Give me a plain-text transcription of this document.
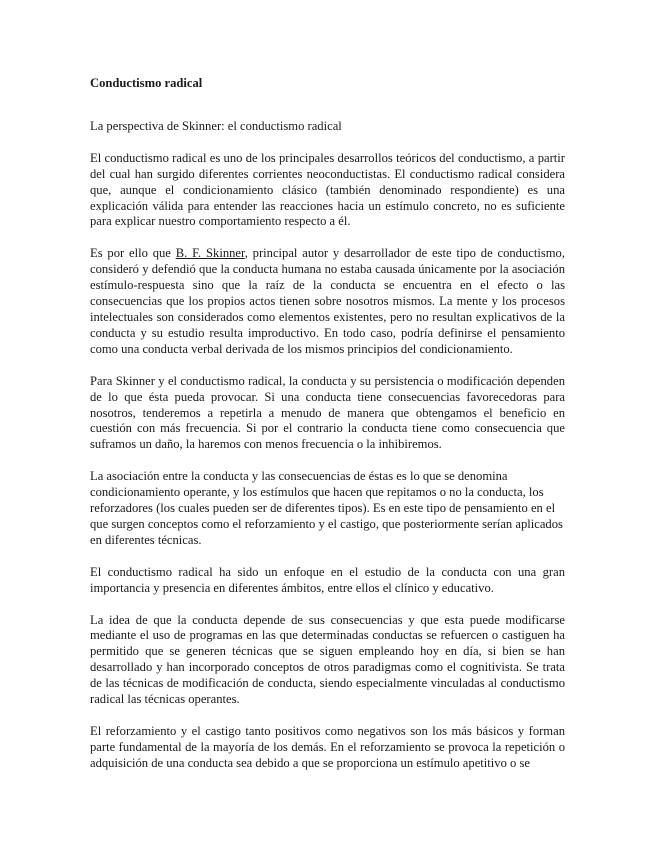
Conductismo radical
La perspectiva de Skinner: el conductismo radical

El conductismo radical es uno de los principales desarrollos teóricos del conductismo, a partir del cual han surgido diferentes corrientes neoconductistas. El conductismo radical considera que, aunque el condicionamiento clásico (también denominado respondiente) es una explicación válida para entender las reacciones hacia un estímulo concreto, no es suficiente para explicar nuestro comportamiento respecto a él.

Es por ello que B. F. Skinner, principal autor y desarrollador de este tipo de conductismo, consideró y defendió que la conducta humana no estaba causada únicamente por la asociación estímulo-respuesta sino que la raíz de la conducta se encuentra en el efecto o las consecuencias que los propios actos tienen sobre nosotros mismos. La mente y los procesos intelectuales son considerados como elementos existentes, pero no resultan explicativos de la conducta y su estudio resulta improductivo. En todo caso, podría definirse el pensamiento como una conducta verbal derivada de los mismos principios del condicionamiento.

Para Skinner y el conductismo radical, la conducta y su persistencia o modificación dependen de lo que ésta pueda provocar. Si una conducta tiene consecuencias favorecedoras para nosotros, tenderemos a repetirla a menudo de manera que obtengamos el beneficio en cuestión con más frecuencia. Si por el contrario la conducta tiene como consecuencia que suframos un daño, la haremos con menos frecuencia o la inhibiremos.

La asociación entre la conducta y las consecuencias de éstas es lo que se denomina condicionamiento operante, y los estímulos que hacen que repitamos o no la conducta, los reforzadores (los cuales pueden ser de diferentes tipos). Es en este tipo de pensamiento en el que surgen conceptos como el reforzamiento y el castigo, que posteriormente serían aplicados en diferentes técnicas.

El conductismo radical ha sido un enfoque en el estudio de la conducta con una gran importancia y presencia en diferentes ámbitos, entre ellos el clínico y educativo.

La idea de que la conducta depende de sus consecuencias y que esta puede modificarse mediante el uso de programas en las que determinadas conductas se refuercen o castiguen ha permitido que se generen técnicas que se siguen empleando hoy en día, si bien se han desarrollado y han incorporado conceptos de otros paradigmas como el cognitivista. Se trata de las técnicas de modificación de conducta, siendo especialmente vinculadas al conductismo radical las técnicas operantes.

El reforzamiento y el castigo tanto positivos como negativos son los más básicos y forman parte fundamental de la mayoría de los demás. En el reforzamiento se provoca la repetición o adquisición de una conducta sea debido a que se proporciona un estímulo apetitivo o se
